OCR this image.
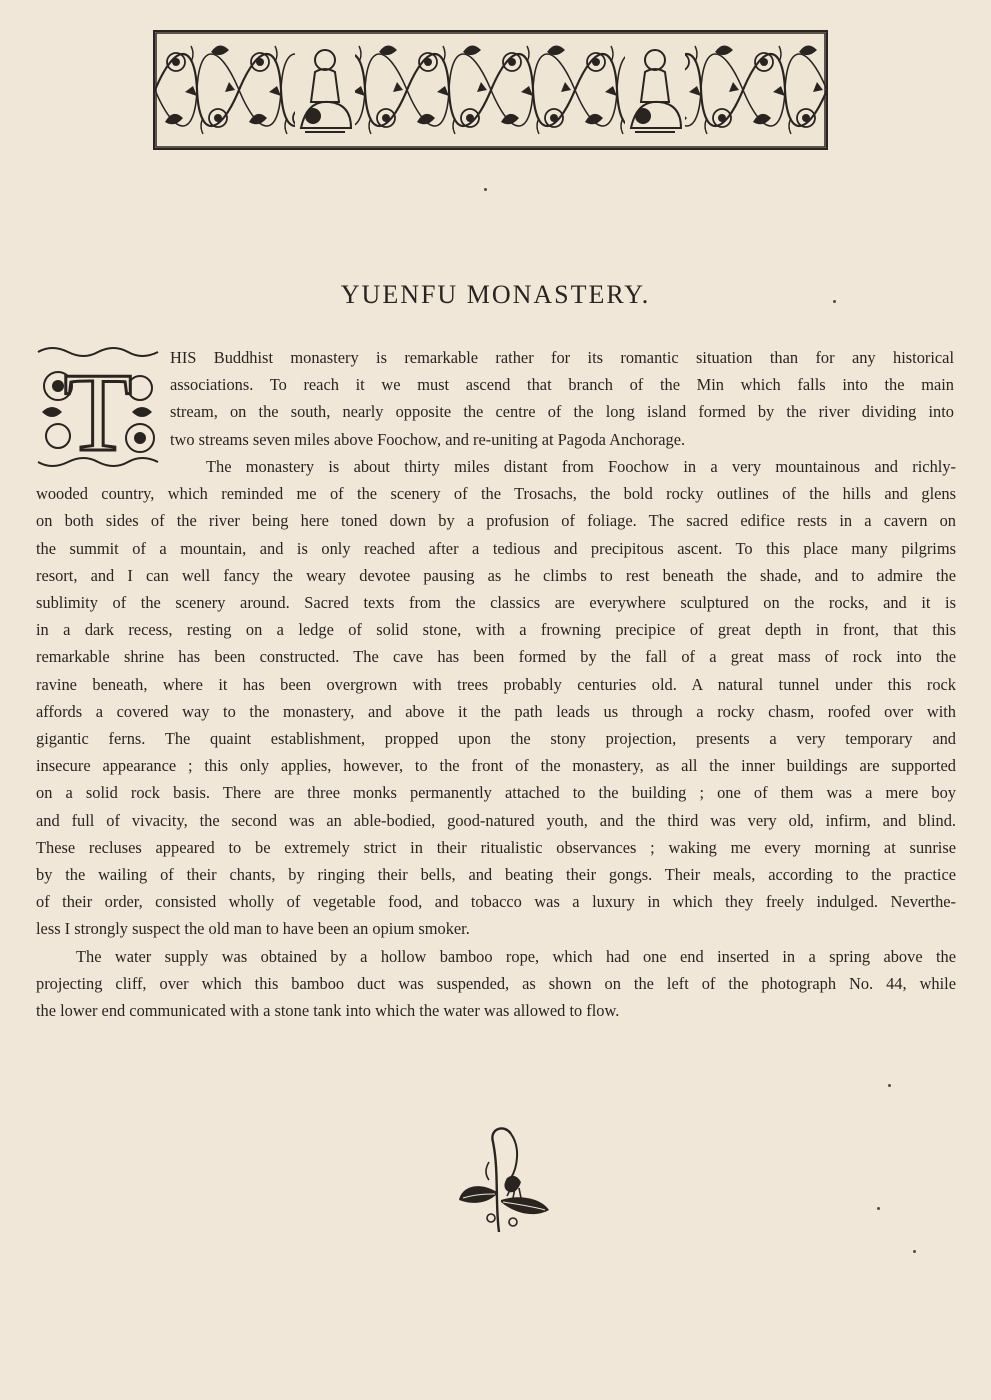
YUENFU MONASTERY.
T HIS Buddhist monastery is remarkable rather for its romantic situation than for any historical
associations. To reach it we must ascend that branch of the Min which falls into the main
stream, on the south, nearly opposite the centre of the long island formed by the river dividing into
two streams seven miles above Foochow, and re-uniting at Pagoda Anchorage.
The monastery is about thirty miles distant from Foochow in a very mountainous and richly-
wooded country, which reminded me of the scenery of the Trosachs, the bold rocky outlines of the hills and glens
on both sides of the river being here toned down by a profusion of foliage. The sacred edifice rests in a cavern on
the summit of a mountain, and is only reached after a tedious and precipitous ascent. To this place many pilgrims
resort, and I can well fancy the weary devotee pausing as he climbs to rest beneath the shade, and to admire the
sublimity of the scenery around. Sacred texts from the classics are everywhere sculptured on the rocks, and it is
in a dark recess, resting on a ledge of solid stone, with a frowning precipice of great depth in front, that this
remarkable shrine has been constructed. The cave has been formed by the fall of a great mass of rock into the
ravine beneath, where it has been overgrown with trees probably centuries old. A natural tunnel under this rock
affords a covered way to the monastery, and above it the path leads us through a rocky chasm, roofed over with
gigantic ferns. The quaint establishment, propped upon the stony projection, presents a very temporary and
insecure appearance ; this only applies, however, to the front of the monastery, as all the inner buildings are supported
on a solid rock basis. There are three monks permanently attached to the building ; one of them was a mere boy
and full of vivacity, the second was an able-bodied, good-natured youth, and the third was very old, infirm, and blind.
These recluses appeared to be extremely strict in their ritualistic observances ; waking me every morning at sunrise
by the wailing of their chants, by ringing their bells, and beating their gongs. Their meals, according to the practice
of their order, consisted wholly of vegetable food, and tobacco was a luxury in which they freely indulged. Neverthe-
less I strongly suspect the old man to have been an opium smoker.
The water supply was obtained by a hollow bamboo rope, which had one end inserted in a spring above the
projecting cliff, over which this bamboo duct was suspended, as shown on the left of the photograph No. 44, while
the lower end communicated with a stone tank into which the water was allowed to flow.
